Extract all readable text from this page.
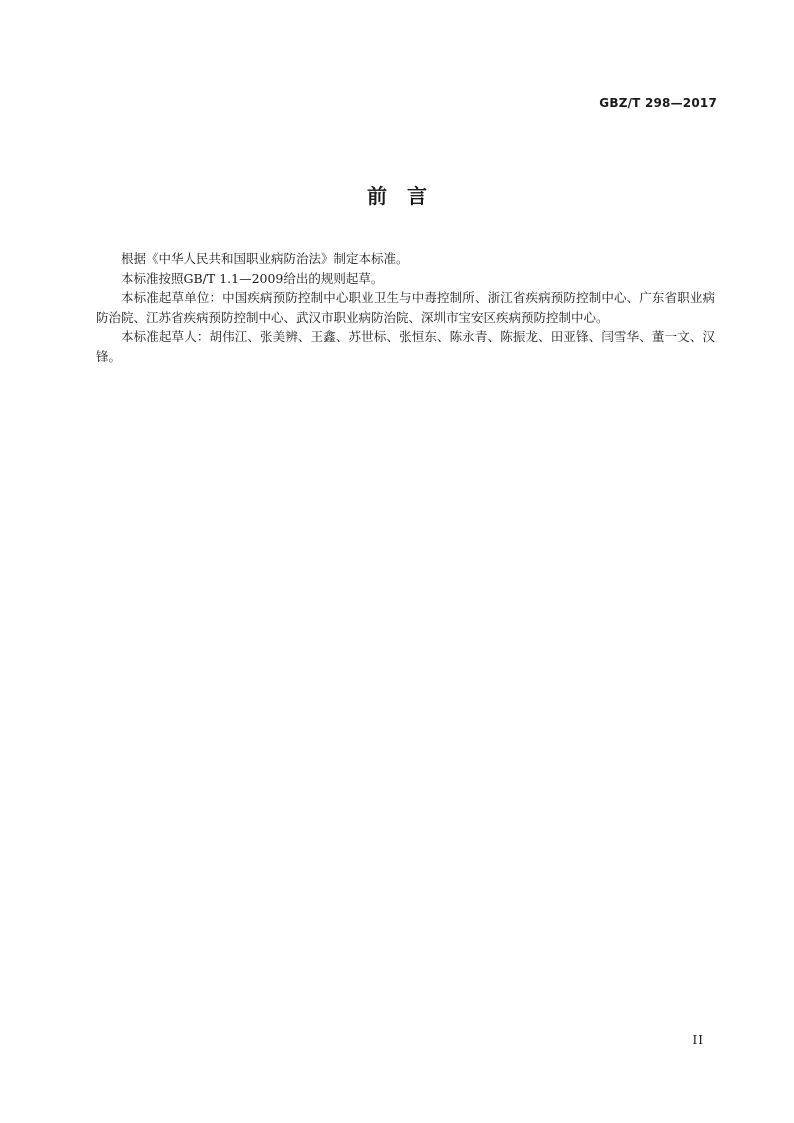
GBZ/T 298—2017
前　言

根据《中华人民共和国职业病防治法》制定本标准。

本标准按照GB/T 1.1—2009给出的规则起草。

本标准起草单位：中国疾病预防控制中心职业卫生与中毒控制所、浙江省疾病预防控制中心、广东省职业病防治院、江苏省疾病预防控制中心、武汉市职业病防治院、深圳市宝安区疾病预防控制中心。

本标准起草人：胡伟江、张美辨、王鑫、苏世标、张恒东、陈永青、陈振龙、田亚锋、闫雪华、董一文、汉锋。

II
